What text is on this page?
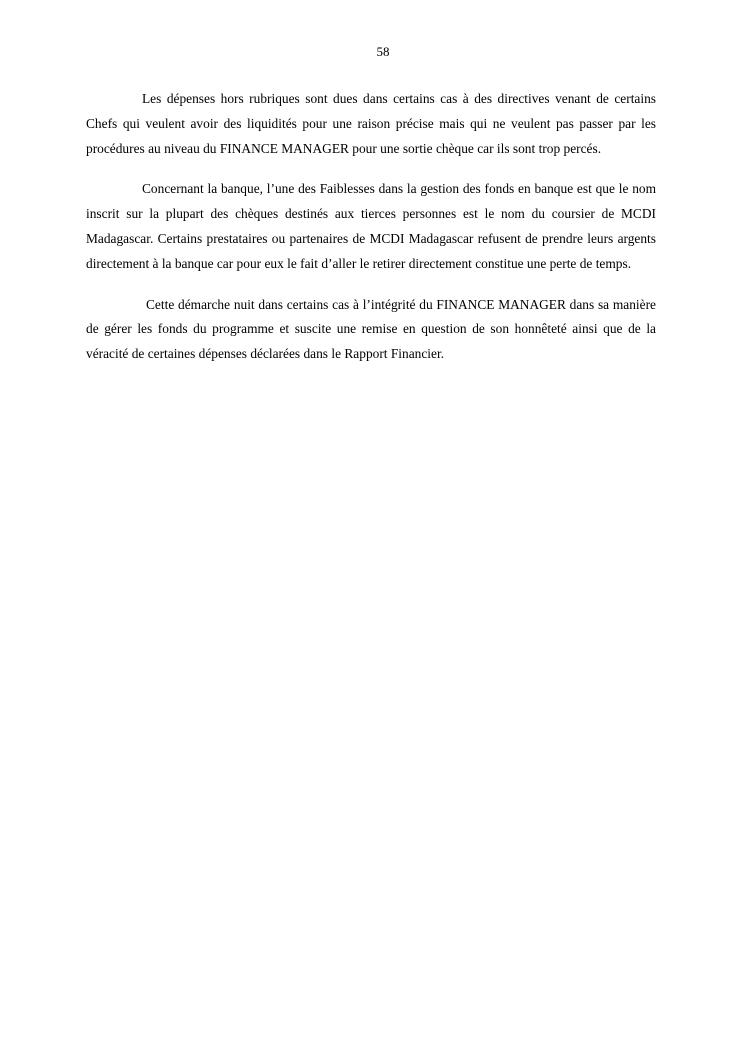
58

Les dépenses hors rubriques sont dues dans certains cas à des directives venant de certains Chefs qui veulent avoir des liquidités pour une raison précise mais qui ne veulent pas passer par les procédures au niveau du FINANCE MANAGER pour une sortie chèque car ils sont trop percés.

Concernant la banque, l’une des Faiblesses dans la gestion des fonds en banque est que le nom inscrit sur la plupart des chèques destinés aux tierces personnes est le nom du coursier de MCDI Madagascar. Certains prestataires ou partenaires de MCDI Madagascar refusent de prendre leurs argents directement à la banque car pour eux le fait d’aller le retirer directement constitue une perte de temps.

Cette démarche nuit dans certains cas à l’intégrité du FINANCE MANAGER dans sa manière de gérer les fonds du programme et suscite une remise en question de son honnêteté ainsi que de la véracité de certaines dépenses déclarées dans le Rapport Financier.
